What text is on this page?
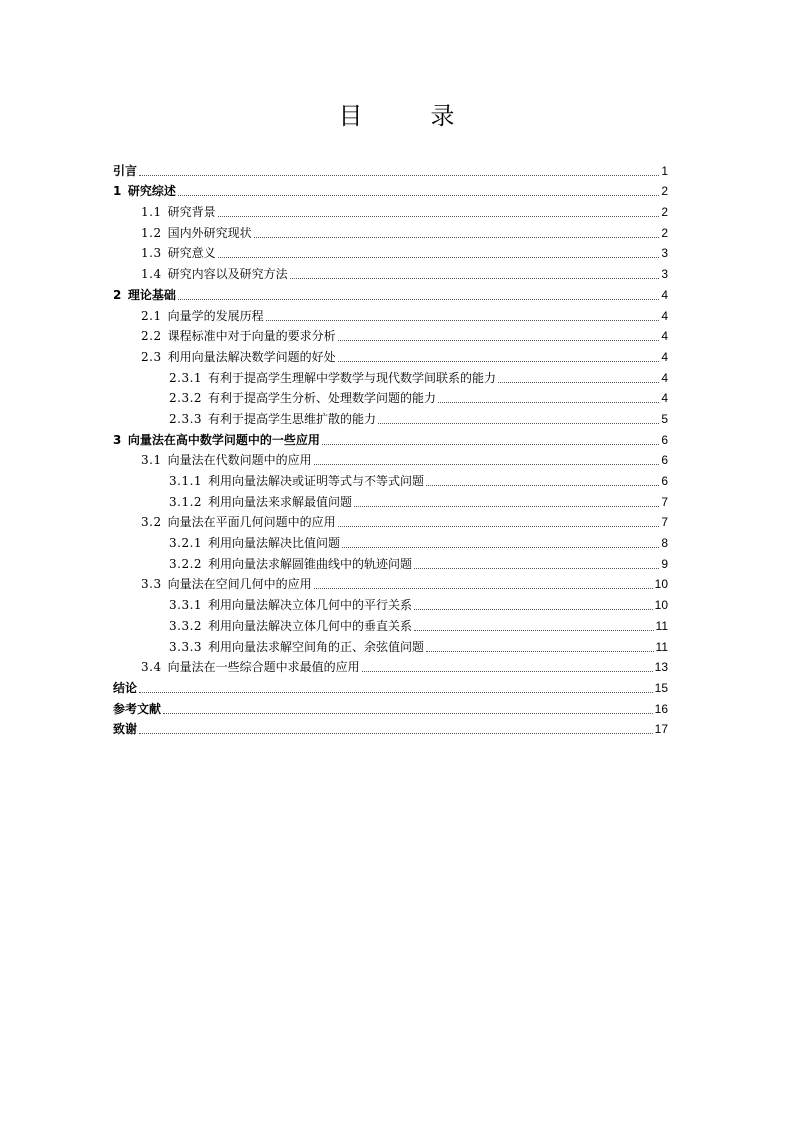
目　录
引言	1
1 研究综述	2
1.1 研究背景	2
1.2 国内外研究现状	2
1.3 研究意义	3
1.4 研究内容以及研究方法	3
2 理论基础	4
2.1 向量学的发展历程	4
2.2 课程标准中对于向量的要求分析	4
2.3 利用向量法解决数学问题的好处	4
2.3.1 有利于提高学生理解中学数学与现代数学间联系的能力	4
2.3.2 有利于提高学生分析、处理数学问题的能力	4
2.3.3 有利于提高学生思维扩散的能力	5
3 向量法在高中数学问题中的一些应用	6
3.1 向量法在代数问题中的应用	6
3.1.1 利用向量法解决或证明等式与不等式问题	6
3.1.2 利用向量法来求解最值问题	7
3.2 向量法在平面几何问题中的应用	7
3.2.1 利用向量法解决比值问题	8
3.2.2 利用向量法求解圆锥曲线中的轨迹问题	9
3.3 向量法在空间几何中的应用	10
3.3.1 利用向量法解决立体几何中的平行关系	10
3.3.2 利用向量法解决立体几何中的垂直关系	11
3.3.3 利用向量法求解空间角的正、余弦值问题	11
3.4 向量法在一些综合题中求最值的应用	13
结论	15
参考文献	16
致谢	17
